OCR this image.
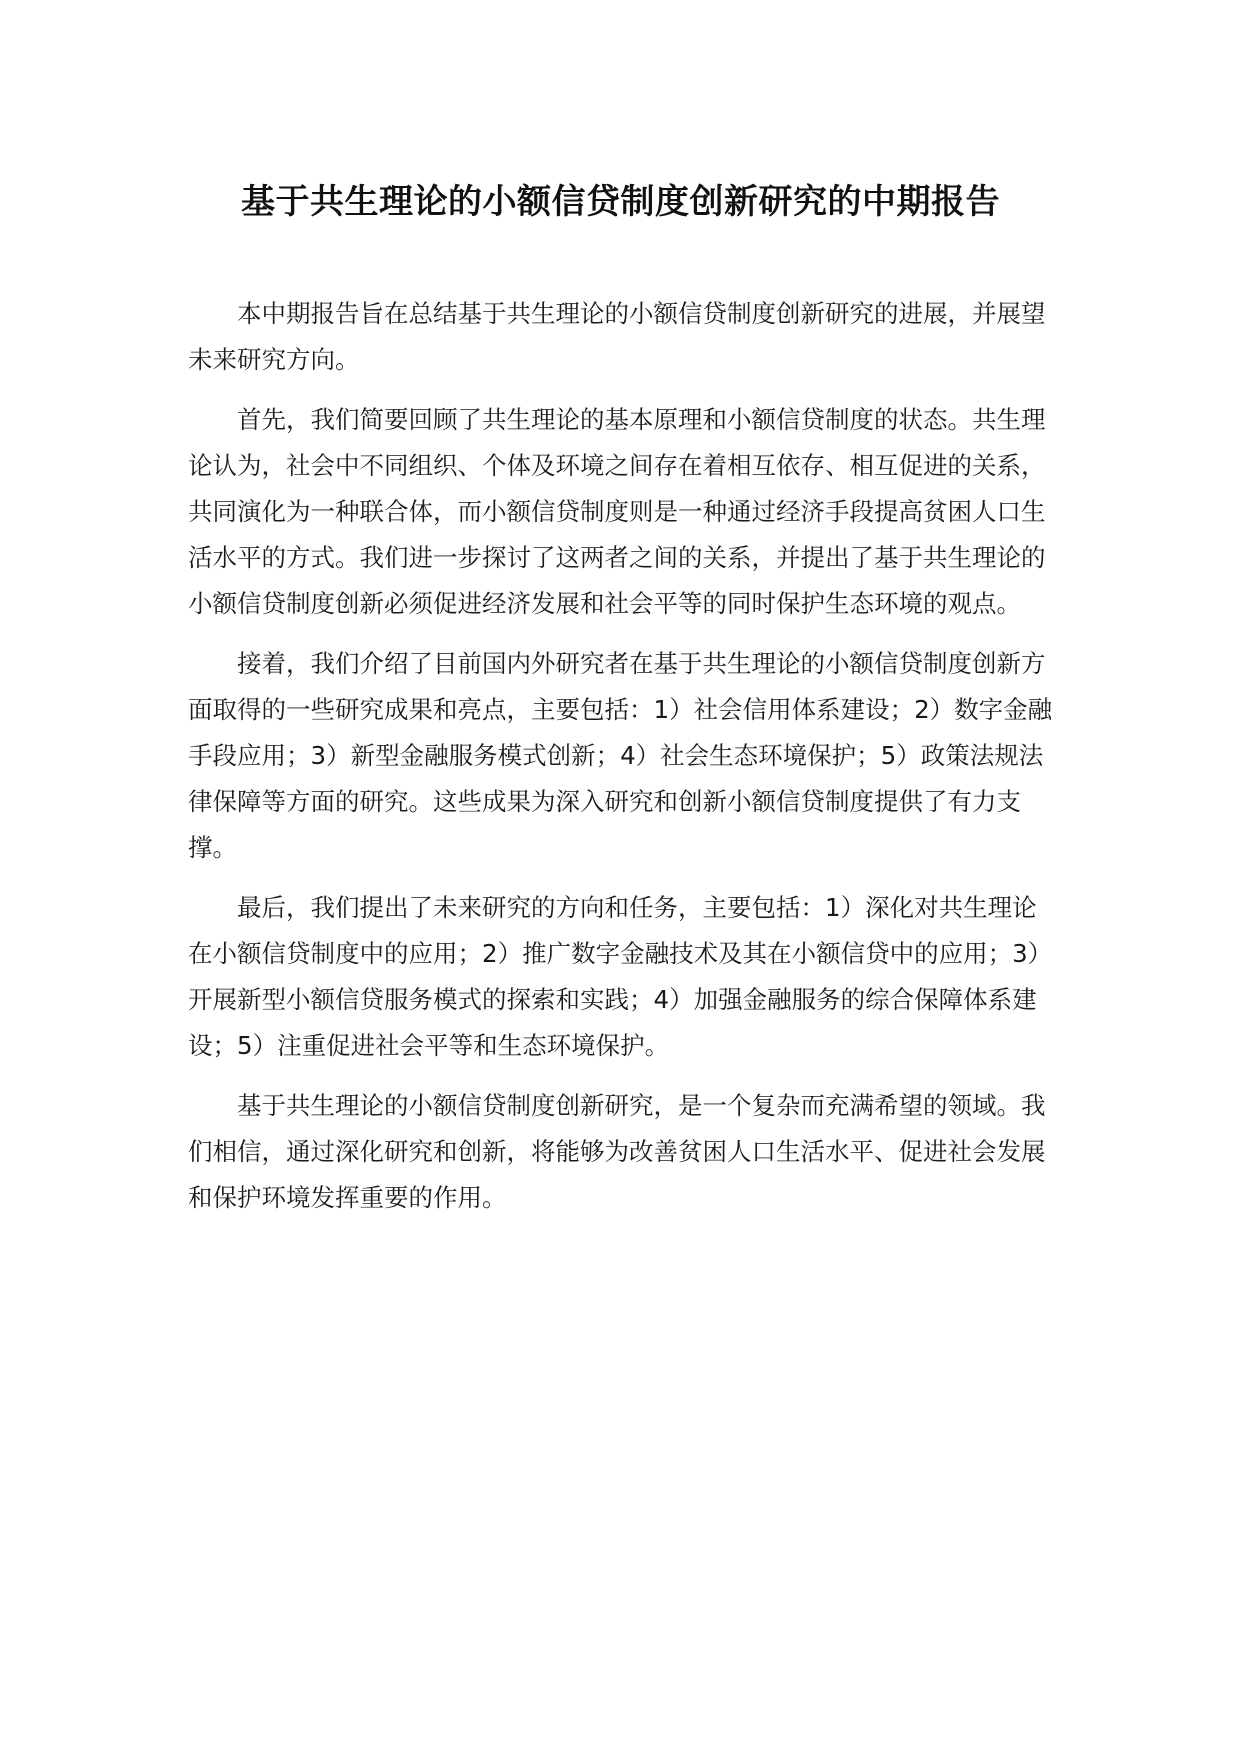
基于共生理论的小额信贷制度创新研究的中期报告

本中期报告旨在总结基于共生理论的小额信贷制度创新研究的进展，并展望未来研究方向。

首先，我们简要回顾了共生理论的基本原理和小额信贷制度的状态。共生理论认为，社会中不同组织、个体及环境之间存在着相互依存、相互促进的关系，共同演化为一种联合体，而小额信贷制度则是一种通过经济手段提高贫困人口生活水平的方式。我们进一步探讨了这两者之间的关系，并提出了基于共生理论的小额信贷制度创新必须促进经济发展和社会平等的同时保护生态环境的观点。

接着，我们介绍了目前国内外研究者在基于共生理论的小额信贷制度创新方面取得的一些研究成果和亮点，主要包括：1）社会信用体系建设；2）数字金融手段应用；3）新型金融服务模式创新；4）社会生态环境保护；5）政策法规法律保障等方面的研究。这些成果为深入研究和创新小额信贷制度提供了有力支撑。

最后，我们提出了未来研究的方向和任务，主要包括：1）深化对共生理论在小额信贷制度中的应用；2）推广数字金融技术及其在小额信贷中的应用；3）开展新型小额信贷服务模式的探索和实践；4）加强金融服务的综合保障体系建设；5）注重促进社会平等和生态环境保护。

基于共生理论的小额信贷制度创新研究，是一个复杂而充满希望的领域。我们相信，通过深化研究和创新，将能够为改善贫困人口生活水平、促进社会发展和保护环境发挥重要的作用。
